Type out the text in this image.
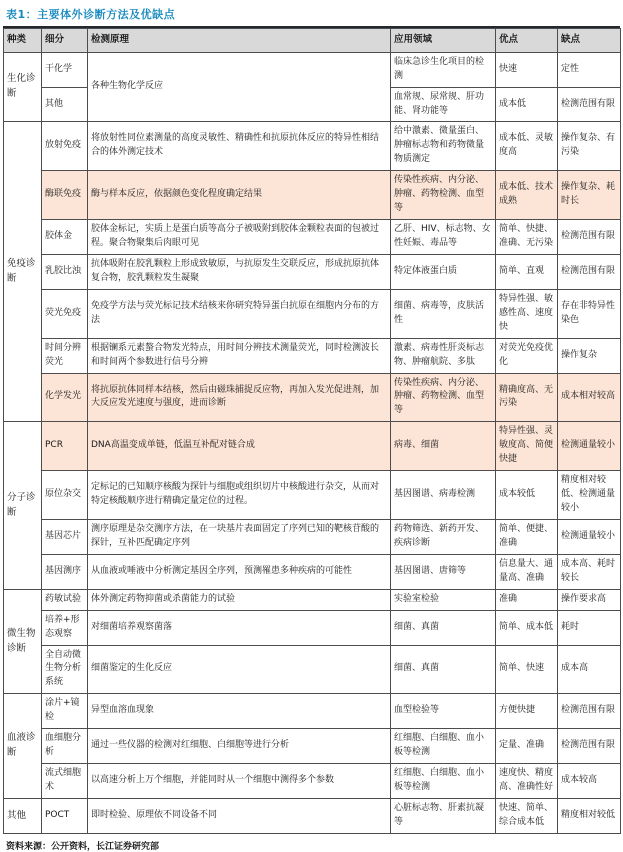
表1：主要体外诊断方法及优缺点
种类	细分	检测原理	应用领域	优点	缺点
生化诊断	干化学	各种生物化学反应	临床急诊生化项目的检测	快速	定性
	其他		血常规、尿常规、肝功能、肾功能等	成本低	检测范围有限
免疫诊断	放射免疫	将放射性同位素测量的高度灵敏性、精确性和抗原抗体反应的特异性相结合的体外测定技术	给中激素、微量蛋白、肿瘤标志物和药物微量物质测定	成本低、灵敏度高	操作复杂、有污染
	酶联免疫	酶与样本反应，依据颜色变化程度确定结果	传染性疾病、内分泌、肿瘤、药物检测、血型等	成本低、技术成熟	操作复杂、耗时长
	胶体金	胶体金标记，实质上是蛋白质等高分子被吸附到胶体金颗粒表面的包被过程。聚合物聚集后肉眼可见	乙肝、HIV、标志物、女性妊娠、毒品等	简单、快捷、准确、无污染	检测范围有限
	乳胶比浊	抗体吸附在胶乳颗粒上形成致敏原，与抗原发生交联反应，形成抗原抗体复合物，胶乳颗粒发生凝聚	特定体液蛋白质	简单、直观	检测范围有限
	荧光免疫	免疫学方法与荧光标记技术结核来你研究特异蛋白抗原在细胞内分布的方法	细菌、病毒等，皮肤活性	特异性强、敏感性高、速度快	存在非特异性染色
	时间分辨荧光	根据镧系元素螯合物发光特点，用时间分辨技术测量荧光，同时检测波长和时间两个参数进行信号分辨	激素、病毒性肝炎标志物、肿瘤航院、多肽	对荧光免疫优化	操作复杂
	化学发光	将抗原抗体同样本结核，然后由磁珠捕捉反应物，再加入发光促进剂，加大反应发光速度与强度，进而诊断	传染性疾病、内分泌、肿瘤、药物检测、血型等	精确度高、无污染	成本相对较高
分子诊断	PCR	DNA高温变成单链，低温互补配对链合成	病毒、细菌	特异性强、灵敏度高、简便快捷	检测通量较小
	原位杂交	定标记的已知顺序核酸为探针与细胞或组织切片中核酸进行杂交，从而对特定核酸顺序进行精确定量定位的过程。	基因图谱、病毒检测	成本较低	精度相对较低、检测通量较小
	基因芯片	测序原理是杂交测序方法，在一块基片表面固定了序列已知的靶核苷酸的探针，互补匹配确定序列	药物筛选、新药开发、疾病诊断	简单、便捷、准确	检测通量较小
	基因测序	从血液或唾液中分析测定基因全序列，预测罹患多种疾病的可能性	基因图谱、唐筛等	信息量大、通量高、准确	成本高、耗时较长
微生物诊断	药敏试验	体外测定药物抑菌或杀菌能力的试验	实验室检验	准确	操作要求高
	培养+形态观察	对细菌培养观察菌落	细菌、真菌	简单、成本低	耗时
	全自动微生物分析系统	细菌鉴定的生化反应	细菌、真菌	简单、快速	成本高
血液诊断	涂片+镜检	异型血溶血现象	血型检验等	方便快捷	检测范围有限
	血细胞分析	通过一些仪器的检测对红细胞、白细胞等进行分析	红细胞、白细胞、血小板等检测	定量、准确	检测范围有限
	流式细胞术	以高速分析上万个细胞，并能同时从一个细胞中测得多个参数	红细胞、白细胞、血小板等检测	速度快、精度高、准确性好	成本较高
其他	POCT	即时检验、原理依不同设备不同	心脏标志物、肝素抗凝等	快速、简单、综合成本低	精度相对较低
资料来源：公开资料，长江证券研究部
